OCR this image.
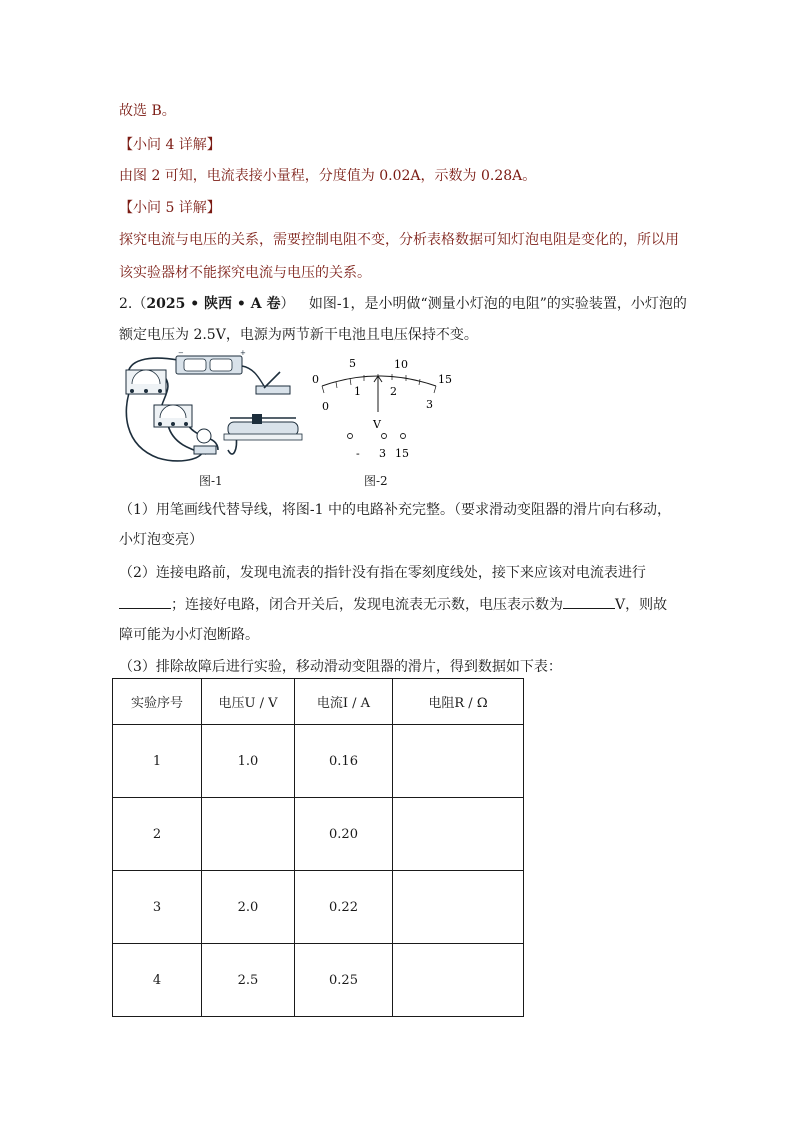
故选 B。
【小问 4 详解】
由图 2 可知，电流表接小量程，分度值为 0.02A，示数为 0.28A。
【小问 5 详解】
探究电流与电压的关系，需要控制电阻不变，分析表格数据可知灯泡电阻是变化的，所以用
该实验器材不能探究电流与电压的关系。
2.（2025 • 陕西 • A 卷） 如图-1，是小明做“测量小灯泡的电阻”的实验装置，小灯泡的
额定电压为 2.5V，电源为两节新干电池且电压保持不变。
−	+
图-1
0
5	10
15
0
1	2
3
V
- 3 15
图-2
（1）用笔画线代替导线，将图-1 中的电路补充完整。（要求滑动变阻器的滑片向右移动，
小灯泡变亮）
（2）连接电路前，发现电流表的指针没有指在零刻度线处，接下来应该对电流表进行
；连接好电路，闭合开关后，发现电流表无示数，电压表示数为	V，则故
障可能为小灯泡断路。
（3）排除故障后进行实验，移动滑动变阻器的滑片，得到数据如下表：
实验序号	电压U / V	电流I / A	电阻R / Ω
1	1.0	0.16	
2		0.20	
3	2.0	0.22	
4	2.5	0.25	
